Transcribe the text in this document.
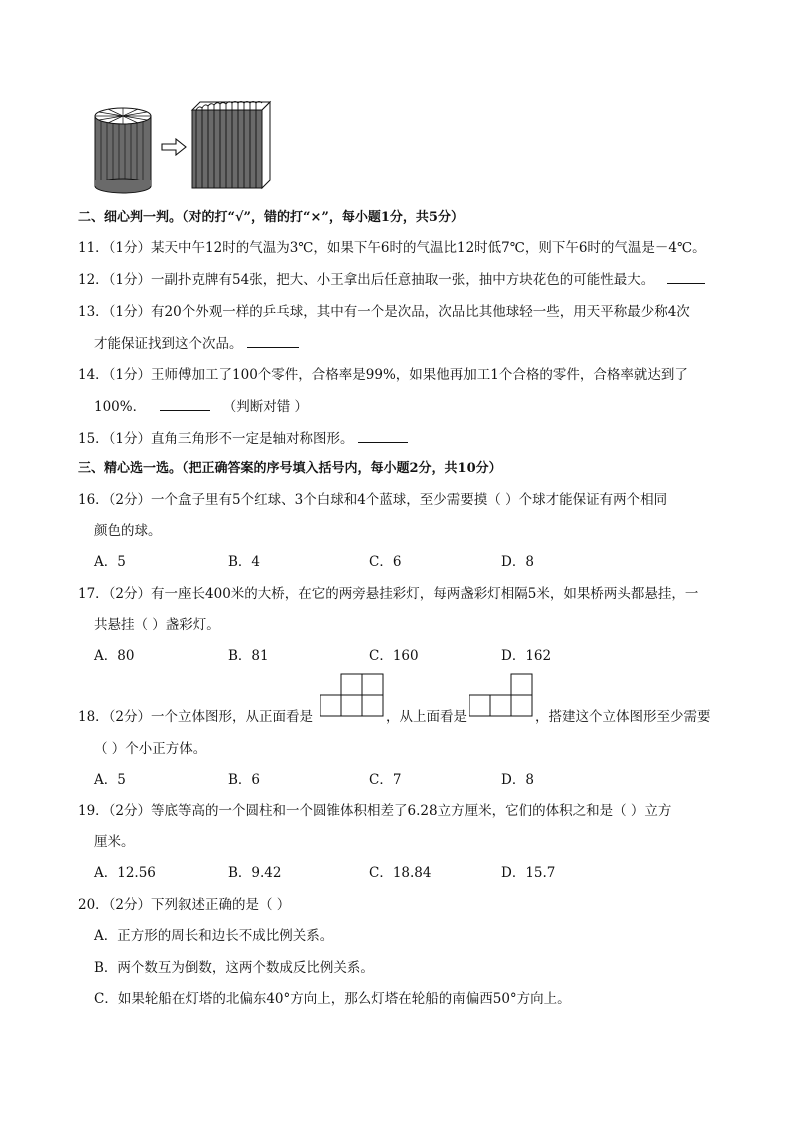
二、细心判一判。（对的打“√”，错的打“×”，每小题1分，共5分）
11．（1分）某天中午12时的气温为3℃，如果下午6时的气温比12时低7℃，则下午6时的气温是－4℃。
12．（1分）一副扑克牌有54张，把大、小王拿出后任意抽取一张，抽中方块花色的可能性最大。
13．（1分）有20个外观一样的乒乓球，其中有一个是次品，次品比其他球轻一些，用天平称最少称4次
才能保证找到这个次品。
14．（1分）王师傅加工了100个零件，合格率是99%，如果他再加工1个合格的零件，合格率就达到了
100%．	（判断对错 ）
15．（1分）直角三角形不一定是轴对称图形。
三、精心选一选。（把正确答案的序号填入括号内，每小题2分，共10分）
16．（2分）一个盒子里有5个红球、3个白球和4个蓝球，至少需要摸（ ）个球才能保证有两个相同
颜色的球。
A．5	B．4	C．6	D．8
17．（2分）有一座长400米的大桥，在它的两旁悬挂彩灯，每两盏彩灯相隔5米，如果桥两头都悬挂，一
共悬挂（ ）盏彩灯。
A．80	B．81	C．160	D．162
18．（2分）一个立体图形，从正面看是	，从上面看是	，搭建这个立体图形至少需要
（ ）个小正方体。
A．5	B．6	C．7	D．8
19．（2分）等底等高的一个圆柱和一个圆锥体积相差了6.28立方厘米，它们的体积之和是（ ）立方
厘米。
A．12.56	B．9.42	C．18.84	D．15.7
20．（2分）下列叙述正确的是（ ）
A．正方形的周长和边长不成比例关系。
B．两个数互为倒数，这两个数成反比例关系。
C．如果轮船在灯塔的北偏东40°方向上，那么灯塔在轮船的南偏西50°方向上。
